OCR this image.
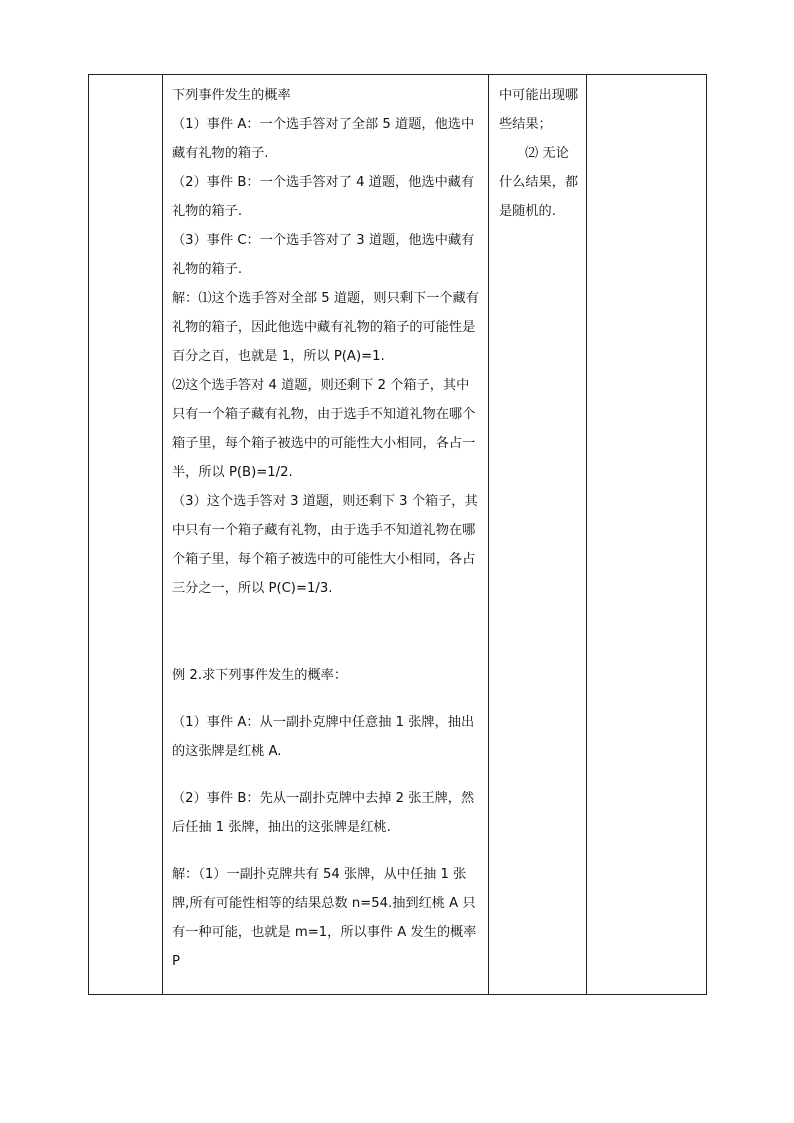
下列事件发生的概率

（1）事件 A：一个选手答对了全部 5 道题，他选中藏有礼物的箱子.

（2）事件 B：一个选手答对了 4 道题，他选中藏有礼物的箱子.

（3）事件 C：一个选手答对了 3 道题，他选中藏有礼物的箱子.

解：⑴这个选手答对全部 5 道题，则只剩下一个藏有礼物的箱子，因此他选中藏有礼物的箱子的可能性是百分之百，也就是 1，所以 P(A)=1.

⑵这个选手答对 4 道题，则还剩下 2 个箱子，其中只有一个箱子藏有礼物，由于选手不知道礼物在哪个箱子里，每个箱子被选中的可能性大小相同，各占一半，所以 P(B)=1/2.

（3）这个选手答对 3 道题，则还剩下 3 个箱子，其中只有一个箱子藏有礼物，由于选手不知道礼物在哪个箱子里，每个箱子被选中的可能性大小相同，各占三分之一，所以 P(C)=1/3.

例 2.求下列事件发生的概率：

（1）事件 A：从一副扑克牌中任意抽 1 张牌，抽出的这张牌是红桃 A.

（2）事件 B：先从一副扑克牌中去掉 2 张王牌，然后任抽 1 张牌，抽出的这张牌是红桃.

解：（1）一副扑克牌共有 54 张牌，从中任抽 1 张牌,所有可能性相等的结果总数 n=54.抽到红桃 A 只有一种可能，也就是 m=1，所以事件 A 发生的概率 P

中可能出现哪些结果；

⑵ 无论什么结果，都是随机的.
